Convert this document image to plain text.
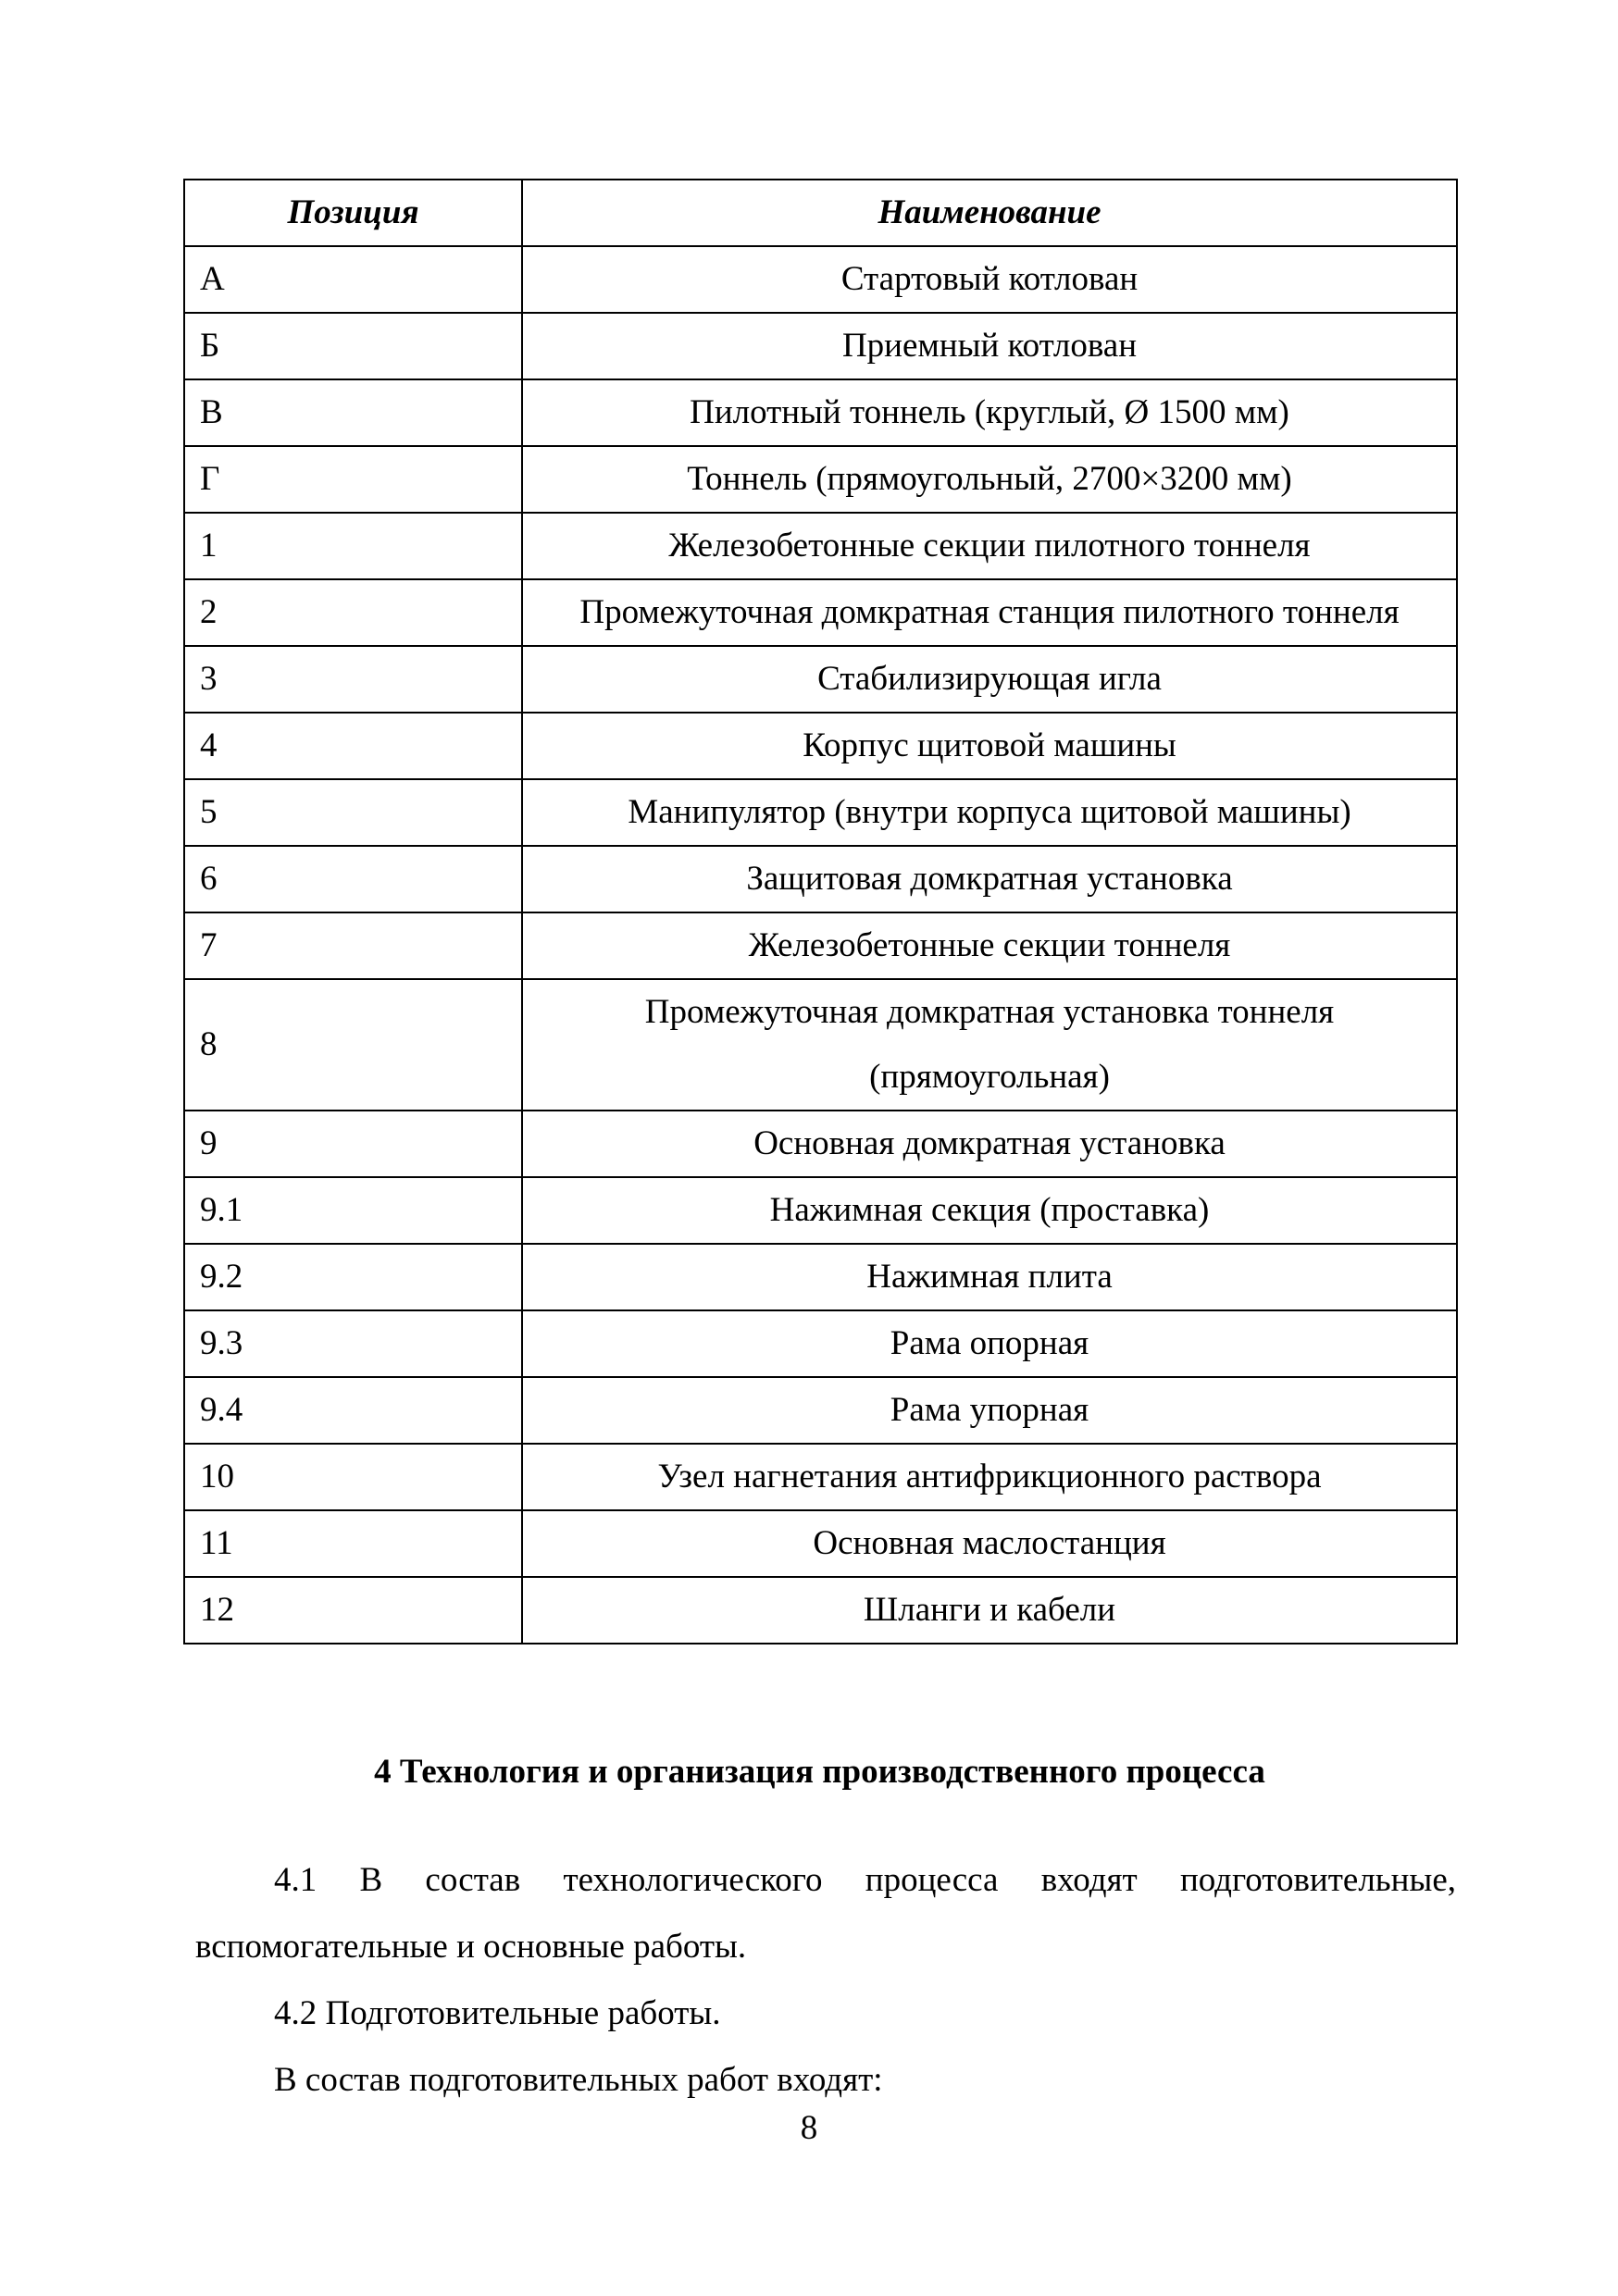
Позиция	Наименование
А	Стартовый котлован
Б	Приемный котлован
В	Пилотный тоннель (круглый, Ø 1500 мм)
Г	Тоннель (прямоугольный, 2700×3200 мм)
1	Железобетонные секции пилотного тоннеля
2	Промежуточная домкратная станция пилотного тоннеля
3	Стабилизирующая игла
4	Корпус щитовой машины
5	Манипулятор (внутри корпуса щитовой машины)
6	Защитовая домкратная установка
7	Железобетонные секции тоннеля
8	Промежуточная домкратная установка тоннеля
(прямоугольная)

9	Основная домкратная установка
9.1	Нажимная секция (проставка)
9.2	Нажимная плита
9.3	Рама опорная
9.4	Рама упорная
10	Узел нагнетания антифрикционного раствора
11	Основная маслостанция
12	Шланги и кабели
4 Технология и организация производственного процесса

4.1 В состав технологического процесса входят подготовительные, вспомогательные и основные работы.

4.2 Подготовительные работы.

В состав подготовительных работ входят:

8
